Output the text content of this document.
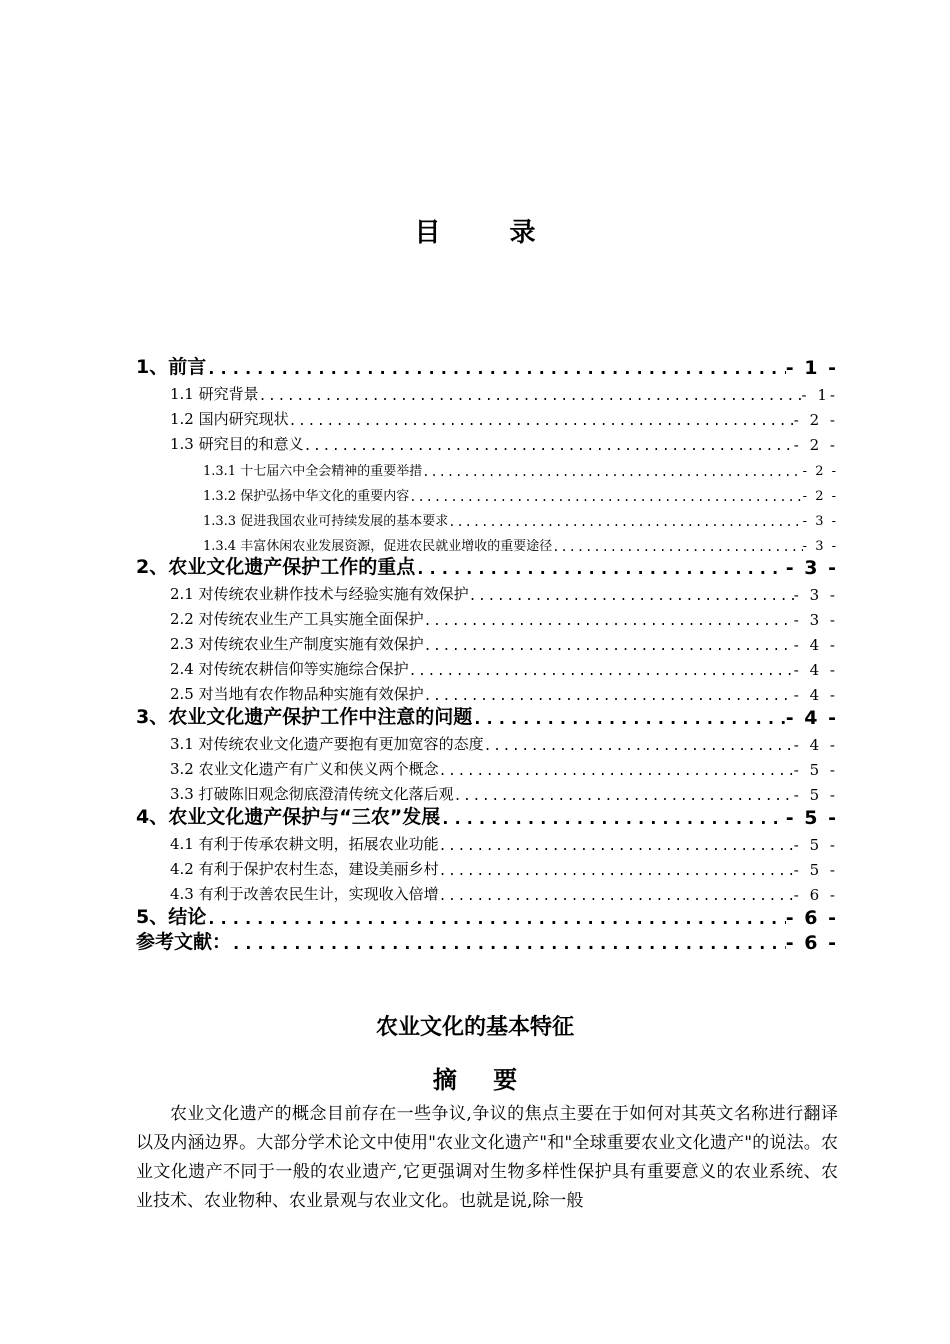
目 录
1、前言 .....	- 1 -
1.1 研究背景 .....	- 1-
1.2 国内研究现状 .....	- 2 -
1.3 研究目的和意义 .....	- 2 -
1.3.1 十七届六中全会精神的重要举措 .....	- 2 -
1.3.2 保护弘扬中华文化的重要内容 .....	- 2 -
1.3.3 促进我国农业可持续发展的基本要求 .....	- 3 -
1.3.4 丰富休闲农业发展资源，促进农民就业增收的重要途径 .....	- 3 -
2、农业文化遗产保护工作的重点 .....	- 3 -
2.1 对传统农业耕作技术与经验实施有效保护 .....	- 3 -
2.2 对传统农业生产工具实施全面保护 .....	- 3 -
2.3 对传统农业生产制度实施有效保护 .....	- 4 -
2.4 对传统农耕信仰等实施综合保护 .....	- 4 -
2.5 对当地有农作物品种实施有效保护 .....	- 4 -
3、农业文化遗产保护工作中注意的问题 .....	- 4 -
3.1 对传统农业文化遗产要抱有更加宽容的态度 .....	- 4 -
3.2 农业文化遗产有广义和侠义两个概念 .....	- 5 -
3.3 打破陈旧观念彻底澄清传统文化落后观 .....	- 5 -
4、农业文化遗产保护与“三农”发展 .....	- 5 -
4.1 有利于传承农耕文明，拓展农业功能 .....	- 5 -
4.2 有利于保护农村生态，建设美丽乡村 .....	- 5 -
4.3 有利于改善农民生计，实现收入倍增 .....	- 6 -
5、结论 .....	- 6 -
参考文献： .....	- 6 -
农业文化的基本特征
摘 要
农业文化遗产的概念目前存在一些争议,争议的焦点主要在于如何对其英文名称进行翻译以及内涵边界。大部分学术论文中使用"农业文化遗产"和"全球重要农业文化遗产"的说法。农业文化遗产不同于一般的农业遗产,它更强调对生物多样性保护具有重要意义的农业系统、农业技术、农业物种、农业景观与农业文化。也就是说,除一般
